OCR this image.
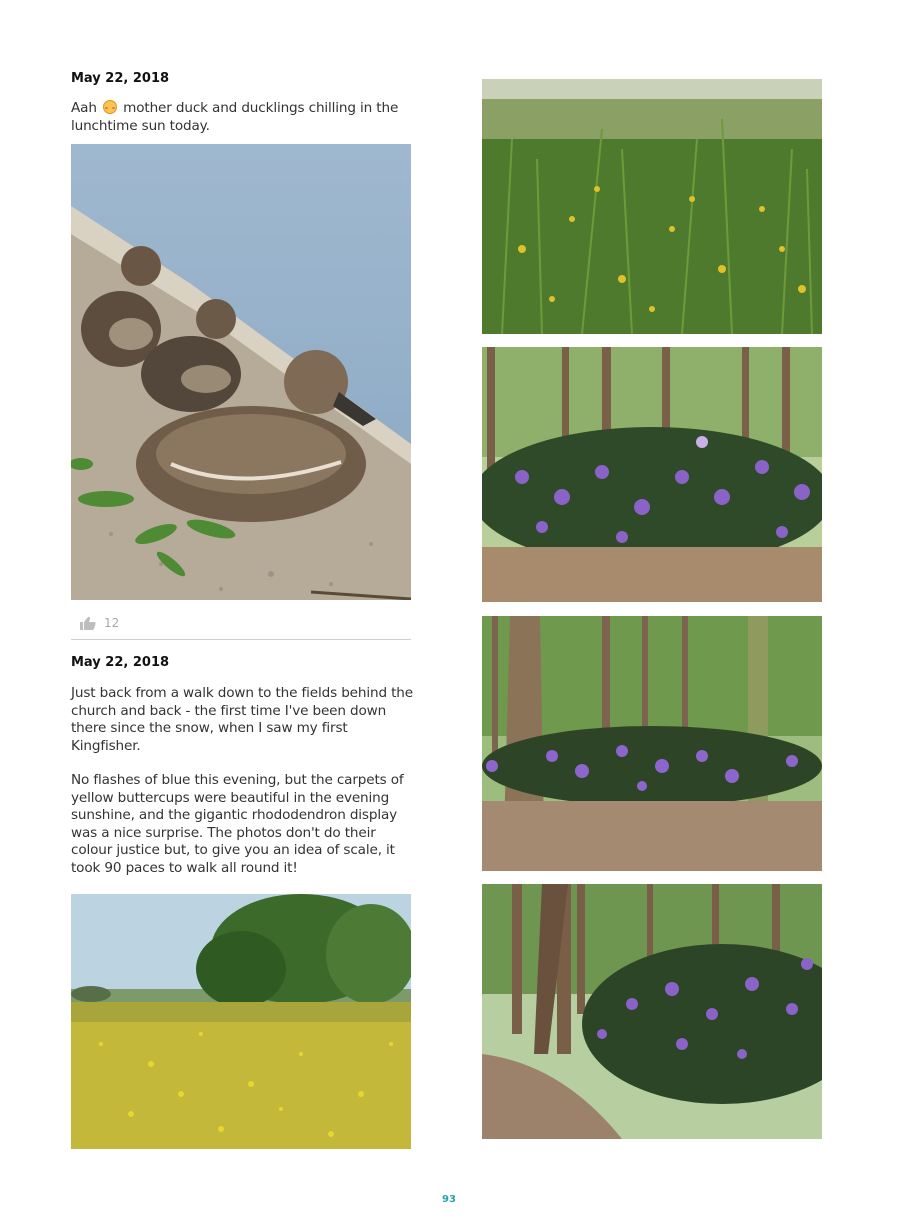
May 22, 2018

Aah mother duck and ducklings chilling in the lunchtime sun today.

12
May 22, 2018

Just back from a walk down to the fields behind the church and back - the first time I've been down there since the snow, when I saw my first Kingfisher.

No flashes of blue this evening, but the carpets of yellow buttercups were beautiful in the evening sunshine, and the gigantic rhododendron display was a nice surprise. The photos don't do their colour justice but, to give you an idea of scale, it took 90 paces to walk all round it!

93
